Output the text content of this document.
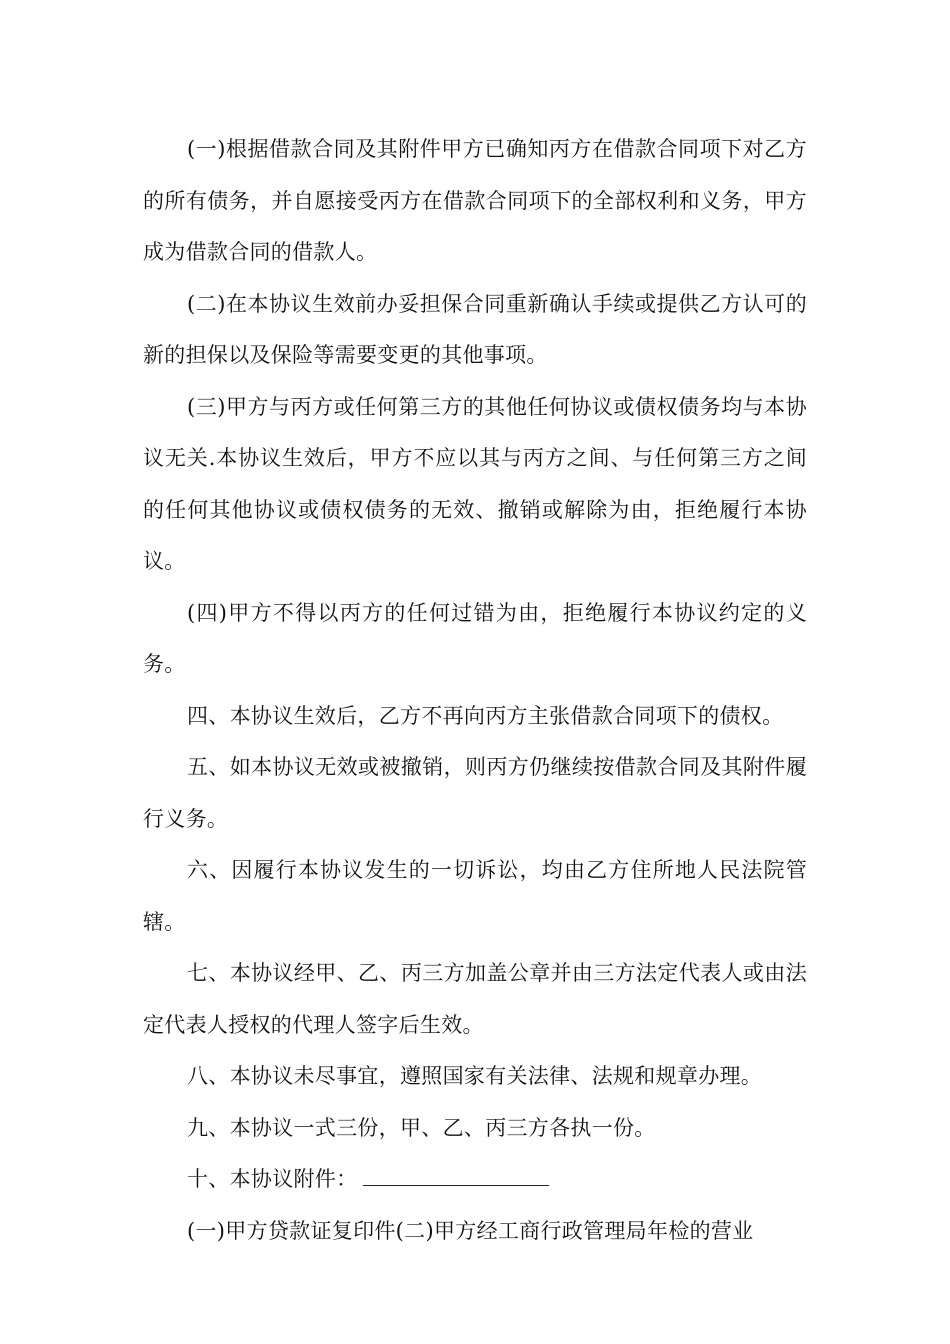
(一)根据借款合同及其附件甲方已确知丙方在借款合同项下对乙方的所有债务，并自愿接受丙方在借款合同项下的全部权利和义务，甲方成为借款合同的借款人。

(二)在本协议生效前办妥担保合同重新确认手续或提供乙方认可的新的担保以及保险等需要变更的其他事项。

(三)甲方与丙方或任何第三方的其他任何协议或债权债务均与本协议无关.本协议生效后，甲方不应以其与丙方之间、与任何第三方之间的任何其他协议或债权债务的无效、撤销或解除为由，拒绝履行本协议。

(四)甲方不得以丙方的任何过错为由，拒绝履行本协议约定的义务。

四、本协议生效后，乙方不再向丙方主张借款合同项下的债权。

五、如本协议无效或被撤销，则丙方仍继续按借款合同及其附件履行义务。

六、因履行本协议发生的一切诉讼，均由乙方住所地人民法院管辖。

七、本协议经甲、乙、丙三方加盖公章并由三方法定代表人或由法定代表人授权的代理人签字后生效。

八、本协议未尽事宜，遵照国家有关法律、法规和规章办理。

九、本协议一式三份，甲、乙、丙三方各执一份。

十、本协议附件：

(一)甲方贷款证复印件(二)甲方经工商行政管理局年检的营业
